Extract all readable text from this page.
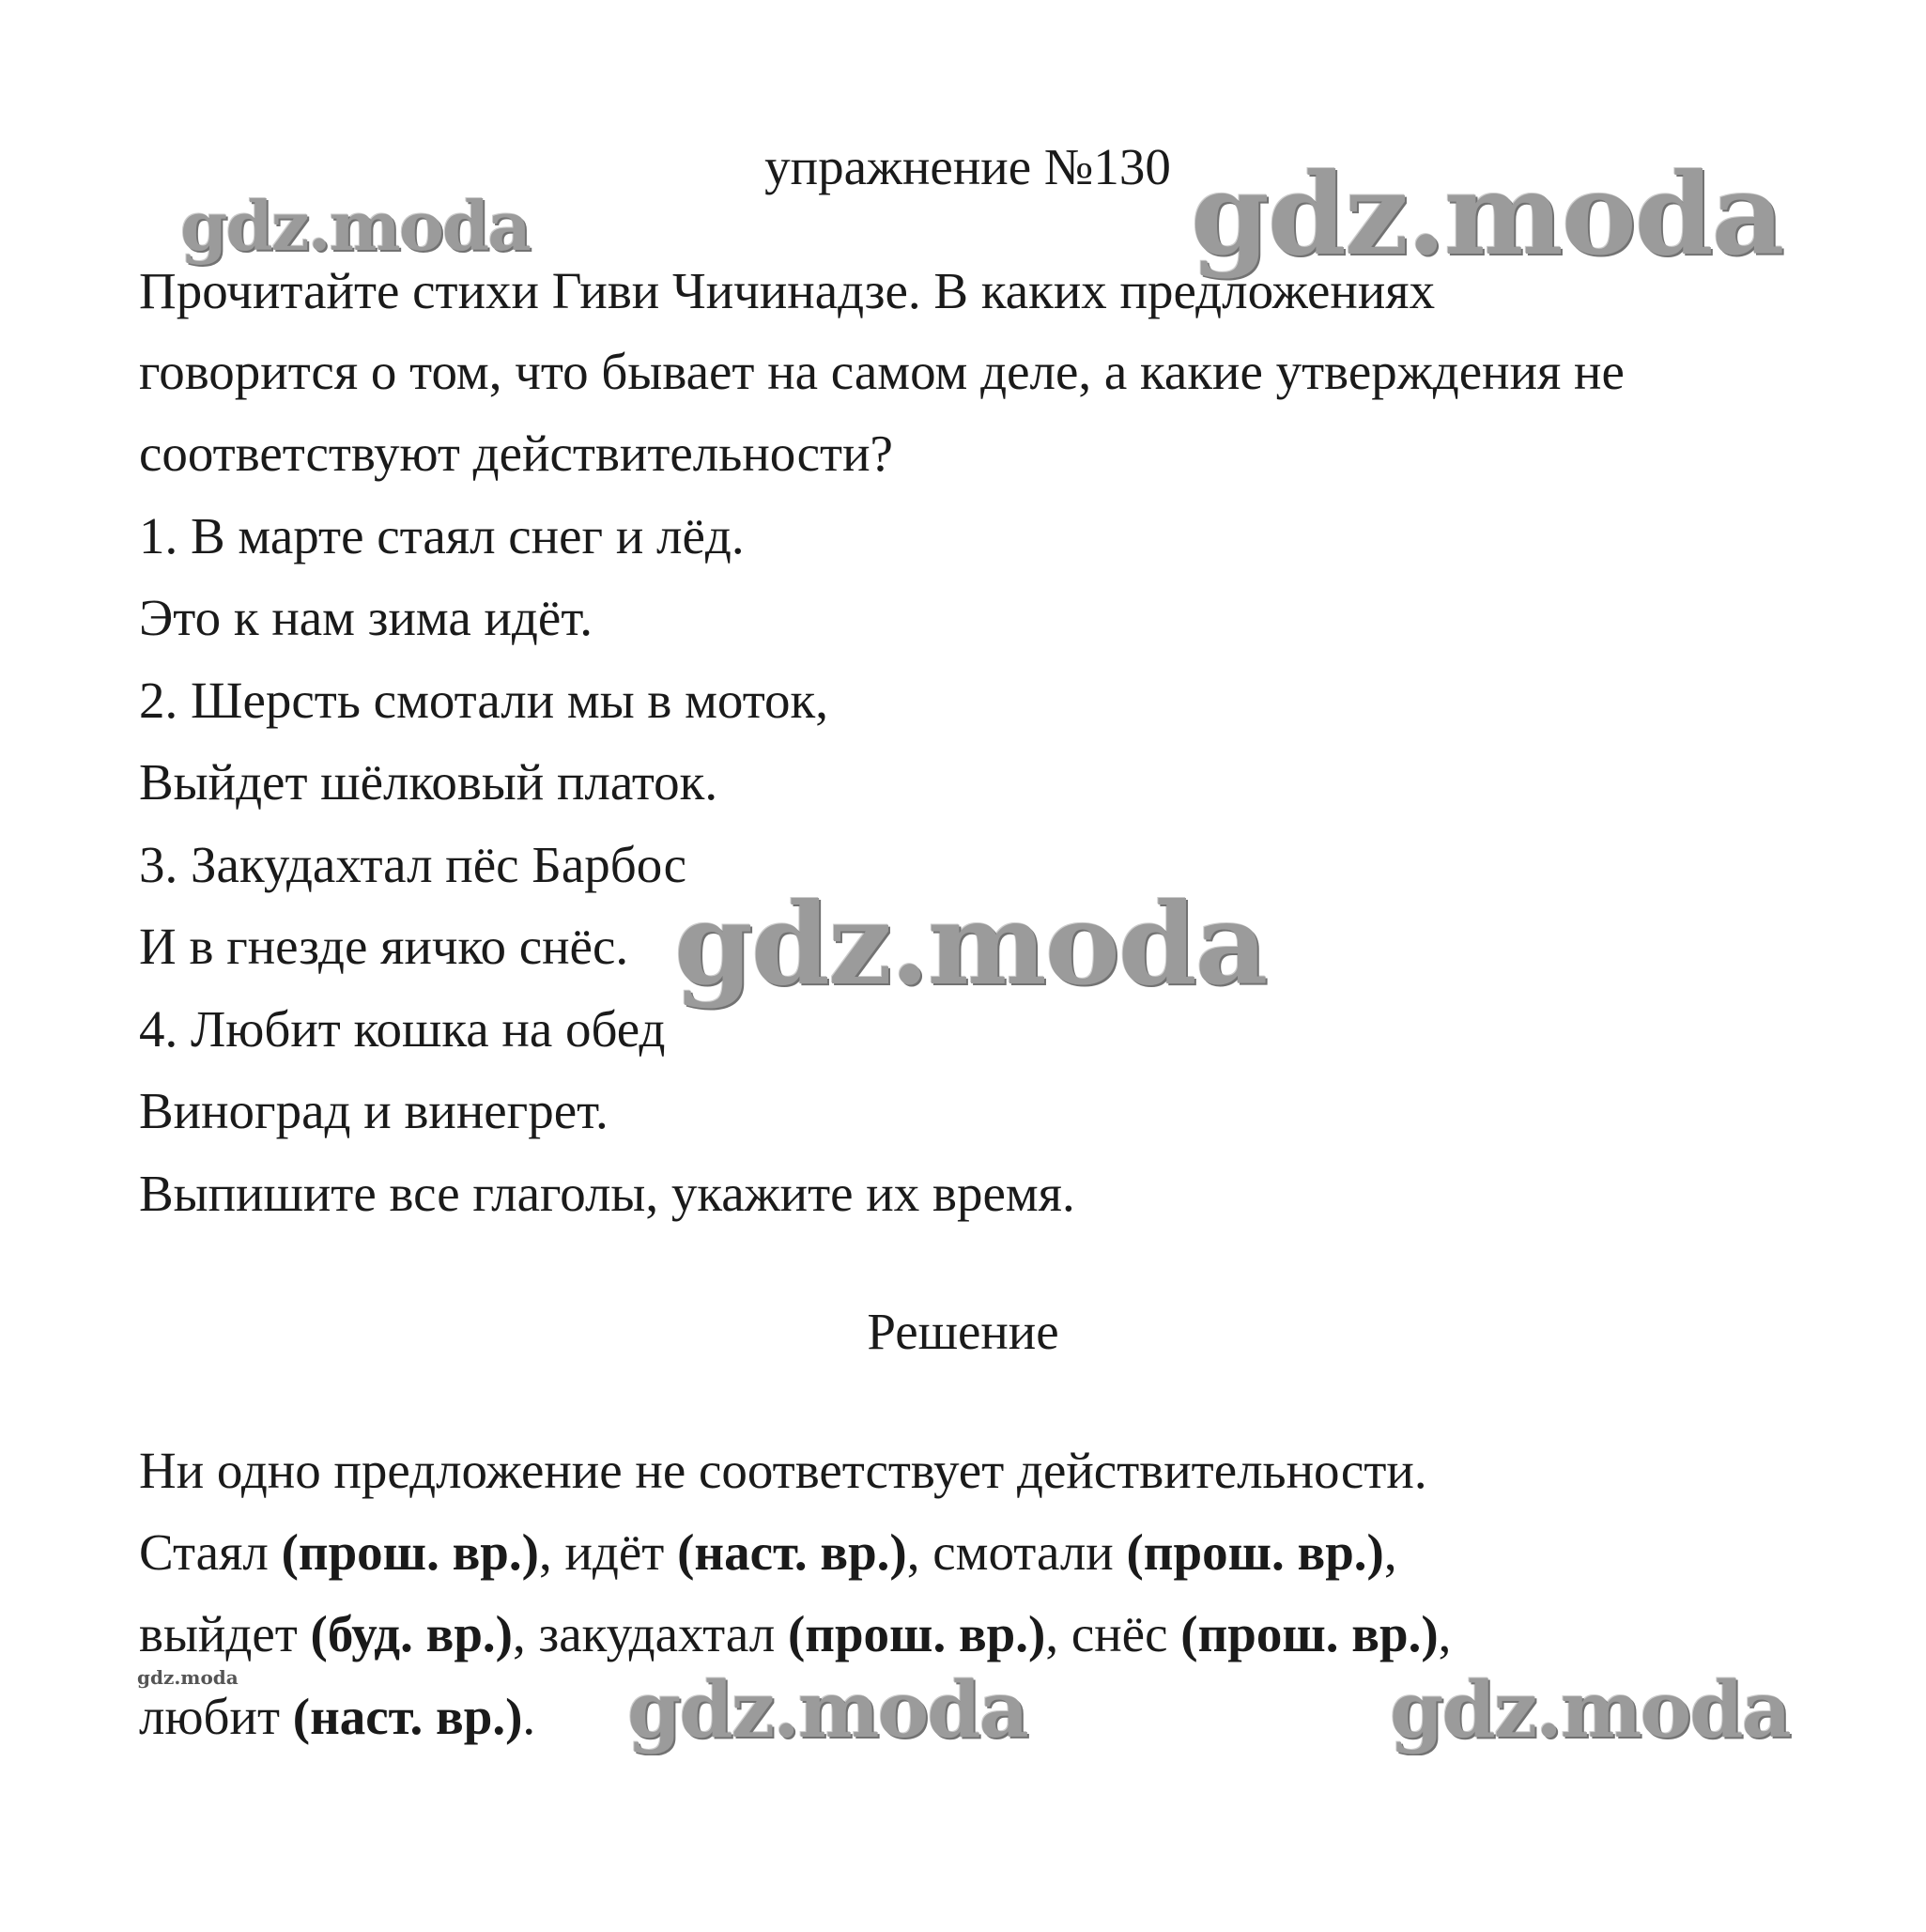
упражнение №130
Прочитайте стихи Гиви Чичинадзе. В каких предложениях
говорится о том, что бывает на самом деле, а какие утверждения не
соответствуют действительности?
1. В марте стаял снег и лёд.
Это к нам зима идёт.
2. Шерсть смотали мы в моток,
Выйдет шёлковый платок.
3. Закудахтал пёс Барбос
И в гнезде яичко снёс.
4. Любит кошка на обед
Виноград и винегрет.
Выпишите все глаголы, укажите их время.
Решение
Ни одно предложение не соответствует действительности.
Стаял (прош. вр.), идёт (наст. вр.), смотали (прош. вр.),
выйдет (буд. вр.), закудахтал (прош. вр.), снёс (прош. вр.),
любит (наст. вр.).
gdz.moda	gdz.moda
gdz.moda
gdz.moda	gdz.moda
gdz.moda
